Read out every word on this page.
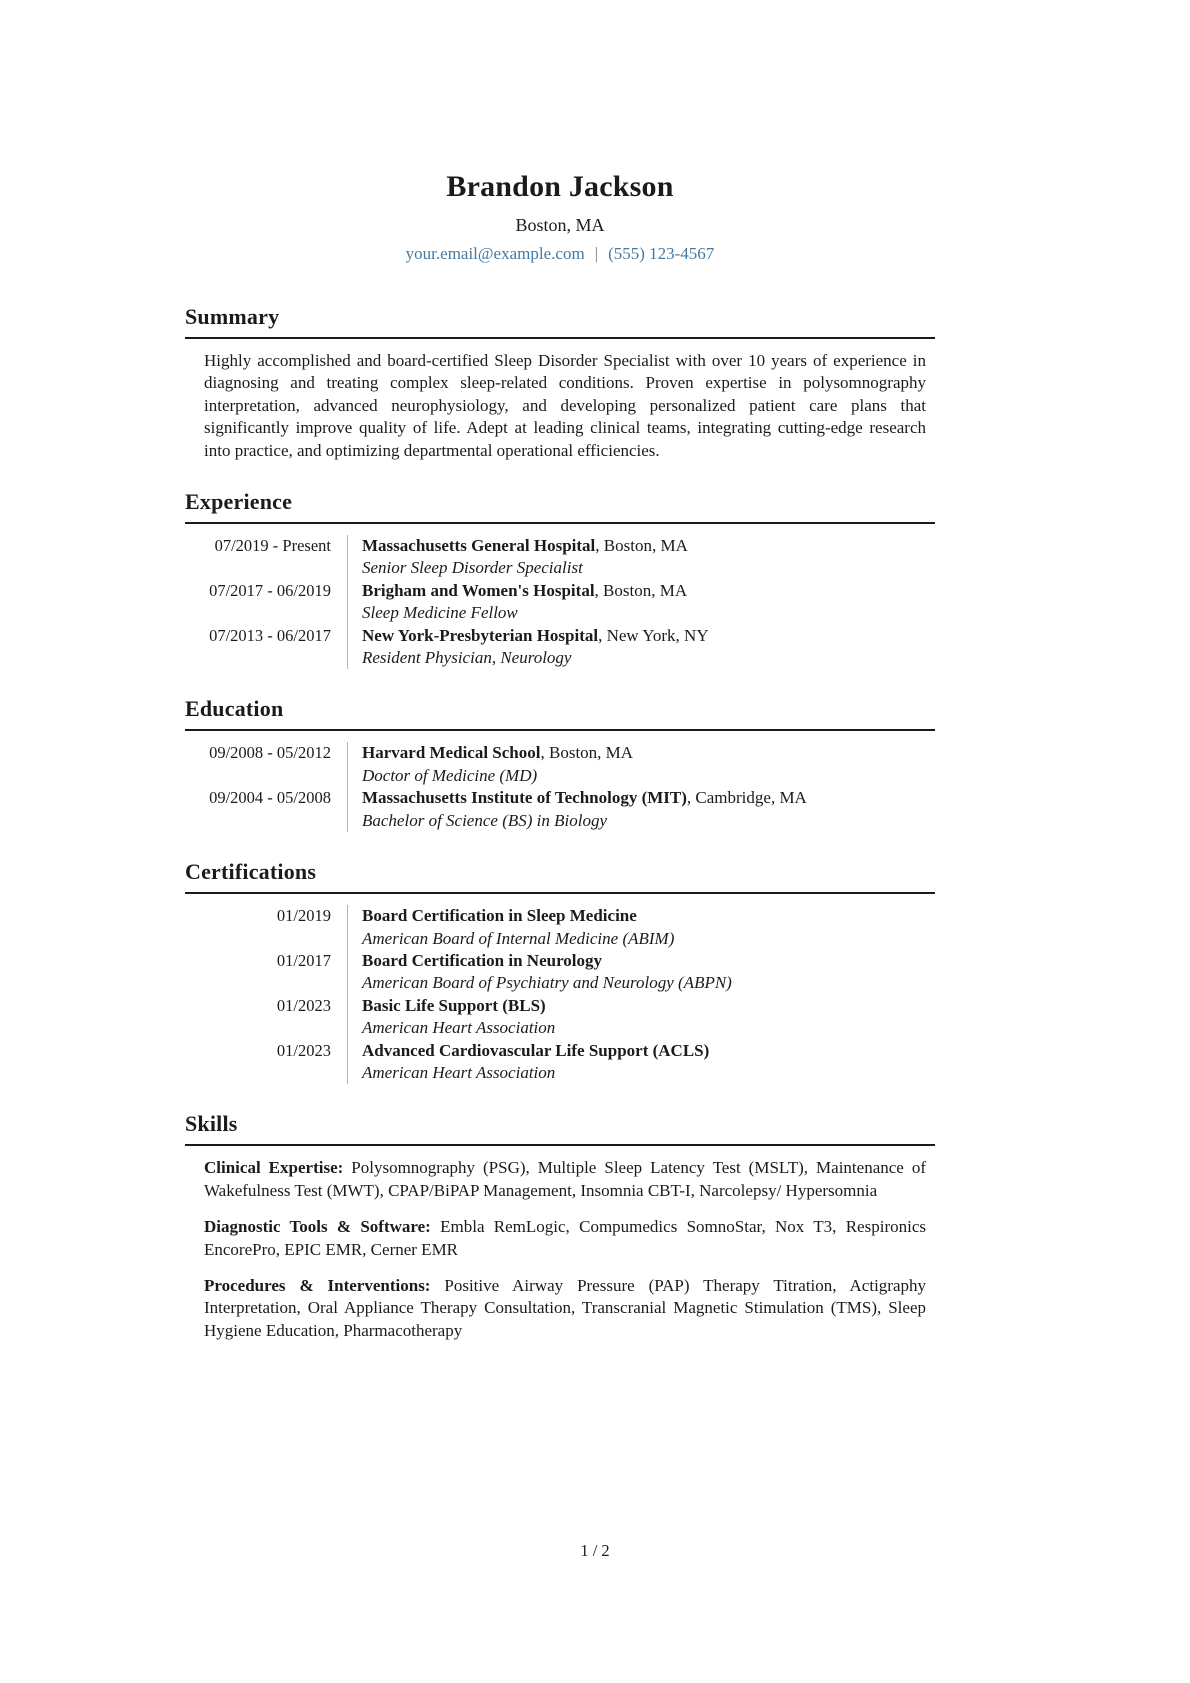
Brandon Jackson
Boston, MA
your.email@example.com | (555) 123-4567
Summary

Highly accomplished and board-certified Sleep Disorder Specialist with over 10 years of experience in diagnosing and treating complex sleep-related conditions. Proven expertise in polysomnography interpretation, advanced neurophysiology, and developing personalized patient care plans that significantly improve quality of life. Adept at leading clinical teams, integrating cutting-edge research into practice, and optimizing departmental operational efficiencies.

Experience
07/2019 - Present	Massachusetts General Hospital, Boston, MA
Senior Sleep Disorder Specialist
07/2017 - 06/2019	Brigham and Women's Hospital, Boston, MA
Sleep Medicine Fellow
07/2013 - 06/2017	New York-Presbyterian Hospital, New York, NY
Resident Physician, Neurology
Education
09/2008 - 05/2012	Harvard Medical School, Boston, MA
Doctor of Medicine (MD)
09/2004 - 05/2008	Massachusetts Institute of Technology (MIT), Cambridge, MA
Bachelor of Science (BS) in Biology
Certifications
01/2019	Board Certification in Sleep Medicine
American Board of Internal Medicine (ABIM)
01/2017	Board Certification in Neurology
American Board of Psychiatry and Neurology (ABPN)
01/2023	Basic Life Support (BLS)
American Heart Association
01/2023	Advanced Cardiovascular Life Support (ACLS)
American Heart Association
Skills

Clinical Expertise: Polysomnography (PSG), Multiple Sleep Latency Test (MSLT), Maintenance of Wakefulness Test (MWT), CPAP/BiPAP Management, Insomnia CBT-I, Narcolepsy/ Hypersomnia

Diagnostic Tools & Software: Embla RemLogic, Compumedics SomnoStar, Nox T3, Respironics EncorePro, EPIC EMR, Cerner EMR

Procedures & Interventions: Positive Airway Pressure (PAP) Therapy Titration, Actigraphy Interpretation, Oral Appliance Therapy Consultation, Transcranial Magnetic Stimulation (TMS), Sleep Hygiene Education, Pharmacotherapy

1 / 2
